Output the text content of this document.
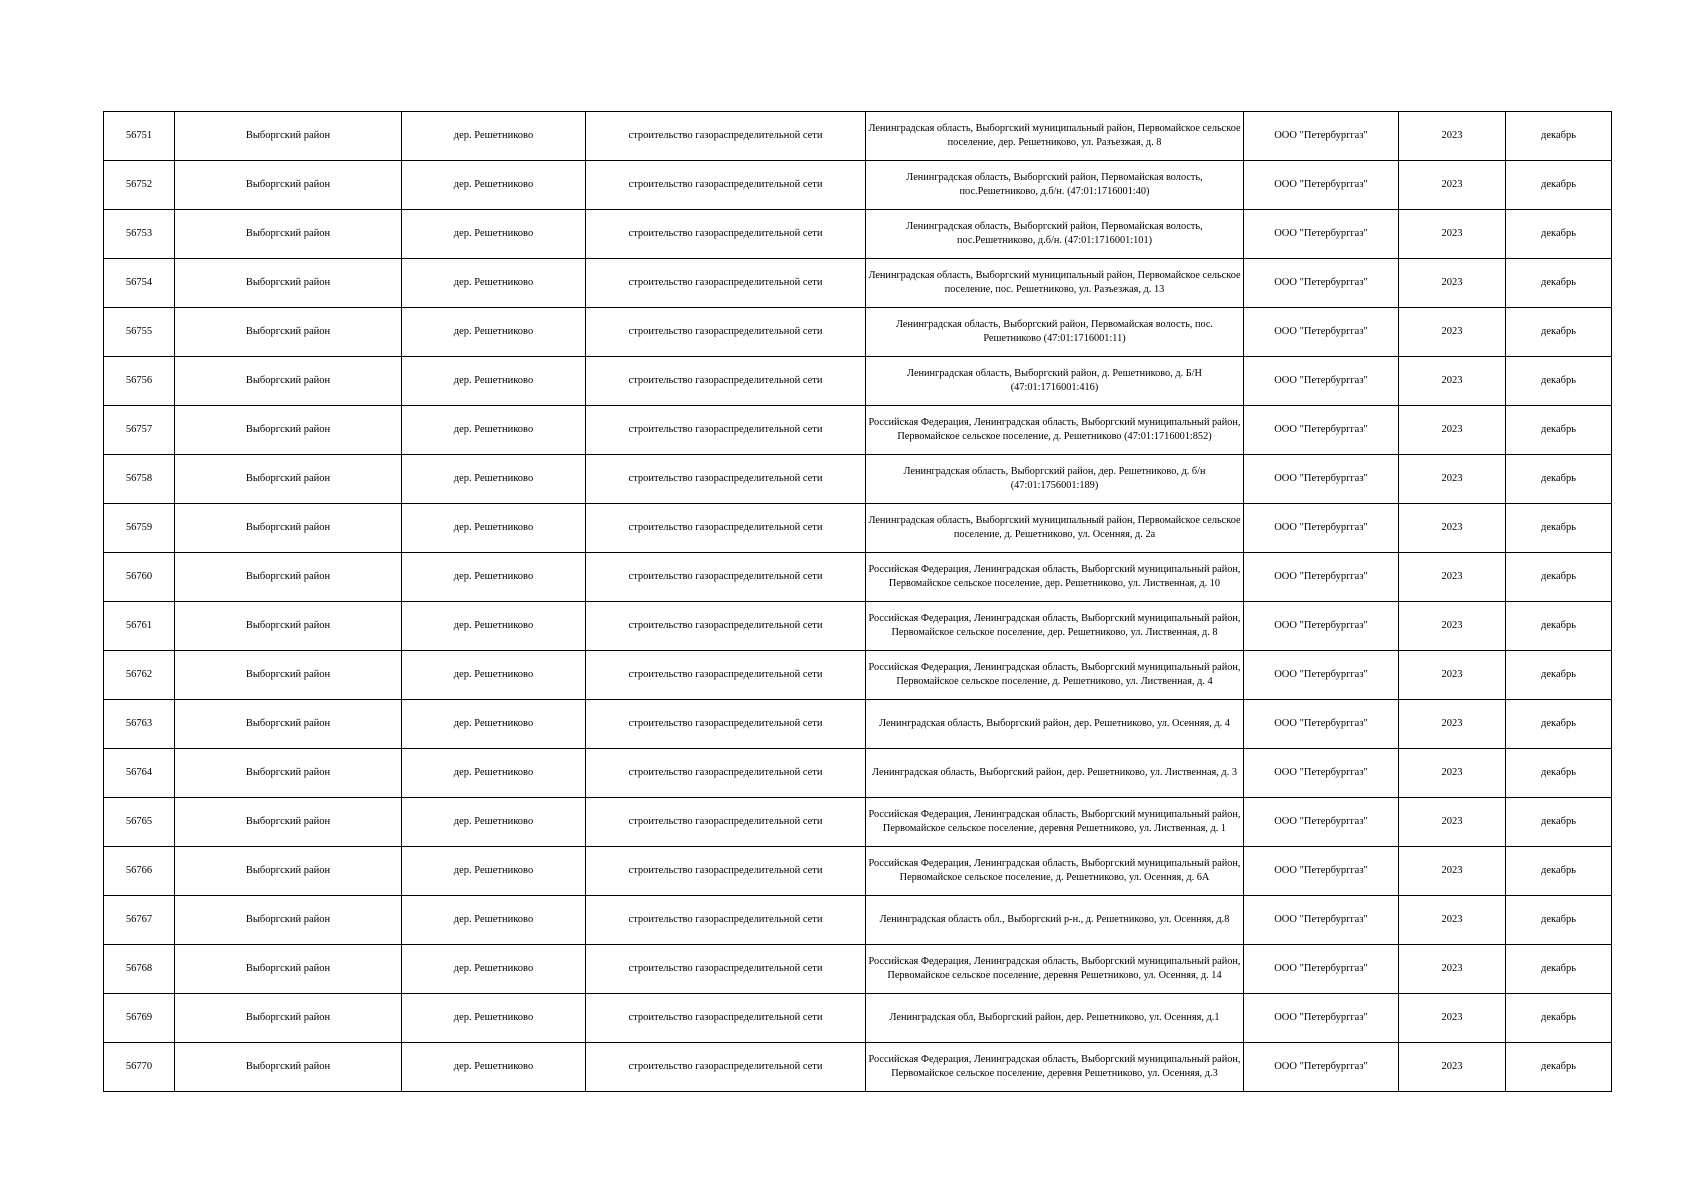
56751	Выборгский район	дер. Решетниково	строительство газораспределительной сети	Ленинградская область, Выборгский муниципальный район, Первомайское сельское поселение, дер. Решетниково, ул. Разъезжая, д. 8	ООО "Петербурггаз"	2023	декабрь
56752	Выборгский район	дер. Решетниково	строительство газораспределительной сети	Ленинградская область, Выборгский район, Первомайская волость, пос.Решетниково, д.б/н. (47:01:1716001:40)	ООО "Петербурггаз"	2023	декабрь
56753	Выборгский район	дер. Решетниково	строительство газораспределительной сети	Ленинградская область, Выборгский район, Первомайская волость, пос.Решетниково, д.б/н. (47:01:1716001:101)	ООО "Петербурггаз"	2023	декабрь
56754	Выборгский район	дер. Решетниково	строительство газораспределительной сети	Ленинградская область, Выборгский муниципальный район, Первомайское сельское поселение, пос. Решетниково, ул. Разъезжая, д. 13	ООО "Петербурггаз"	2023	декабрь
56755	Выборгский район	дер. Решетниково	строительство газораспределительной сети	Ленинградская область, Выборгский район, Первомайская волость, пос. Решетниково (47:01:1716001:11)	ООО "Петербурггаз"	2023	декабрь
56756	Выборгский район	дер. Решетниково	строительство газораспределительной сети	Ленинградская область, Выборгский район, д. Решетниково, д. Б/Н (47:01:1716001:416)	ООО "Петербурггаз"	2023	декабрь
56757	Выборгский район	дер. Решетниково	строительство газораспределительной сети	Российская Федерация, Ленинградская область, Выборгский муниципальный район, Первомайское сельское поселение, д. Решетниково (47:01:1716001:852)	ООО "Петербурггаз"	2023	декабрь
56758	Выборгский район	дер. Решетниково	строительство газораспределительной сети	Ленинградская область, Выборгский район, дер. Решетниково, д. б/н (47:01:1756001:189)	ООО "Петербурггаз"	2023	декабрь
56759	Выборгский район	дер. Решетниково	строительство газораспределительной сети	Ленинградская область, Выборгский муниципальный район, Первомайское сельское поселение, д. Решетниково, ул. Осенняя, д. 2а	ООО "Петербурггаз"	2023	декабрь
56760	Выборгский район	дер. Решетниково	строительство газораспределительной сети	Российская Федерация, Ленинградская область, Выборгский муниципальный район, Первомайское сельское поселение, дер. Решетниково, ул. Лиственная, д. 10	ООО "Петербурггаз"	2023	декабрь
56761	Выборгский район	дер. Решетниково	строительство газораспределительной сети	Российская Федерация, Ленинградская область, Выборгский муниципальный район, Первомайское сельское поселение, дер. Решетниково, ул. Лиственная, д. 8	ООО "Петербурггаз"	2023	декабрь
56762	Выборгский район	дер. Решетниково	строительство газораспределительной сети	Российская Федерация, Ленинградская область, Выборгский муниципальный район, Первомайское сельское поселение, д. Решетниково, ул. Лиственная, д. 4	ООО "Петербурггаз"	2023	декабрь
56763	Выборгский район	дер. Решетниково	строительство газораспределительной сети	Ленинградская область, Выборгский район, дер. Решетниково, ул. Осенняя, д. 4	ООО "Петербурггаз"	2023	декабрь
56764	Выборгский район	дер. Решетниково	строительство газораспределительной сети	Ленинградская область, Выборгский район, дер. Решетниково, ул. Лиственная, д. 3	ООО "Петербурггаз"	2023	декабрь
56765	Выборгский район	дер. Решетниково	строительство газораспределительной сети	Российская Федерация, Ленинградская область, Выборгский муниципальный район, Первомайское сельское поселение, деревня Решетниково, ул. Лиственная, д. 1	ООО "Петербурггаз"	2023	декабрь
56766	Выборгский район	дер. Решетниково	строительство газораспределительной сети	Российская Федерация, Ленинградская область, Выборгский муниципальный район, Первомайское сельское поселение, д. Решетниково, ул. Осенняя, д. 6А	ООО "Петербурггаз"	2023	декабрь
56767	Выборгский район	дер. Решетниково	строительство газораспределительной сети	Ленинградская область обл., Выборгский р-н., д. Решетниково, ул. Осенняя, д.8	ООО "Петербурггаз"	2023	декабрь
56768	Выборгский район	дер. Решетниково	строительство газораспределительной сети	Российская Федерация, Ленинградская область, Выборгский муниципальный район, Первомайское сельское поселение, деревня Решетниково, ул. Осенняя, д. 14	ООО "Петербурггаз"	2023	декабрь
56769	Выборгский район	дер. Решетниково	строительство газораспределительной сети	Ленинградская обл, Выборгский район, дер. Решетниково, ул. Осенняя, д.1	ООО "Петербурггаз"	2023	декабрь
56770	Выборгский район	дер. Решетниково	строительство газораспределительной сети	Российская Федерация, Ленинградская область, Выборгский муниципальный район, Первомайское сельское поселение, деревня Решетниково, ул. Осенняя, д.3	ООО "Петербурггаз"	2023	декабрь
